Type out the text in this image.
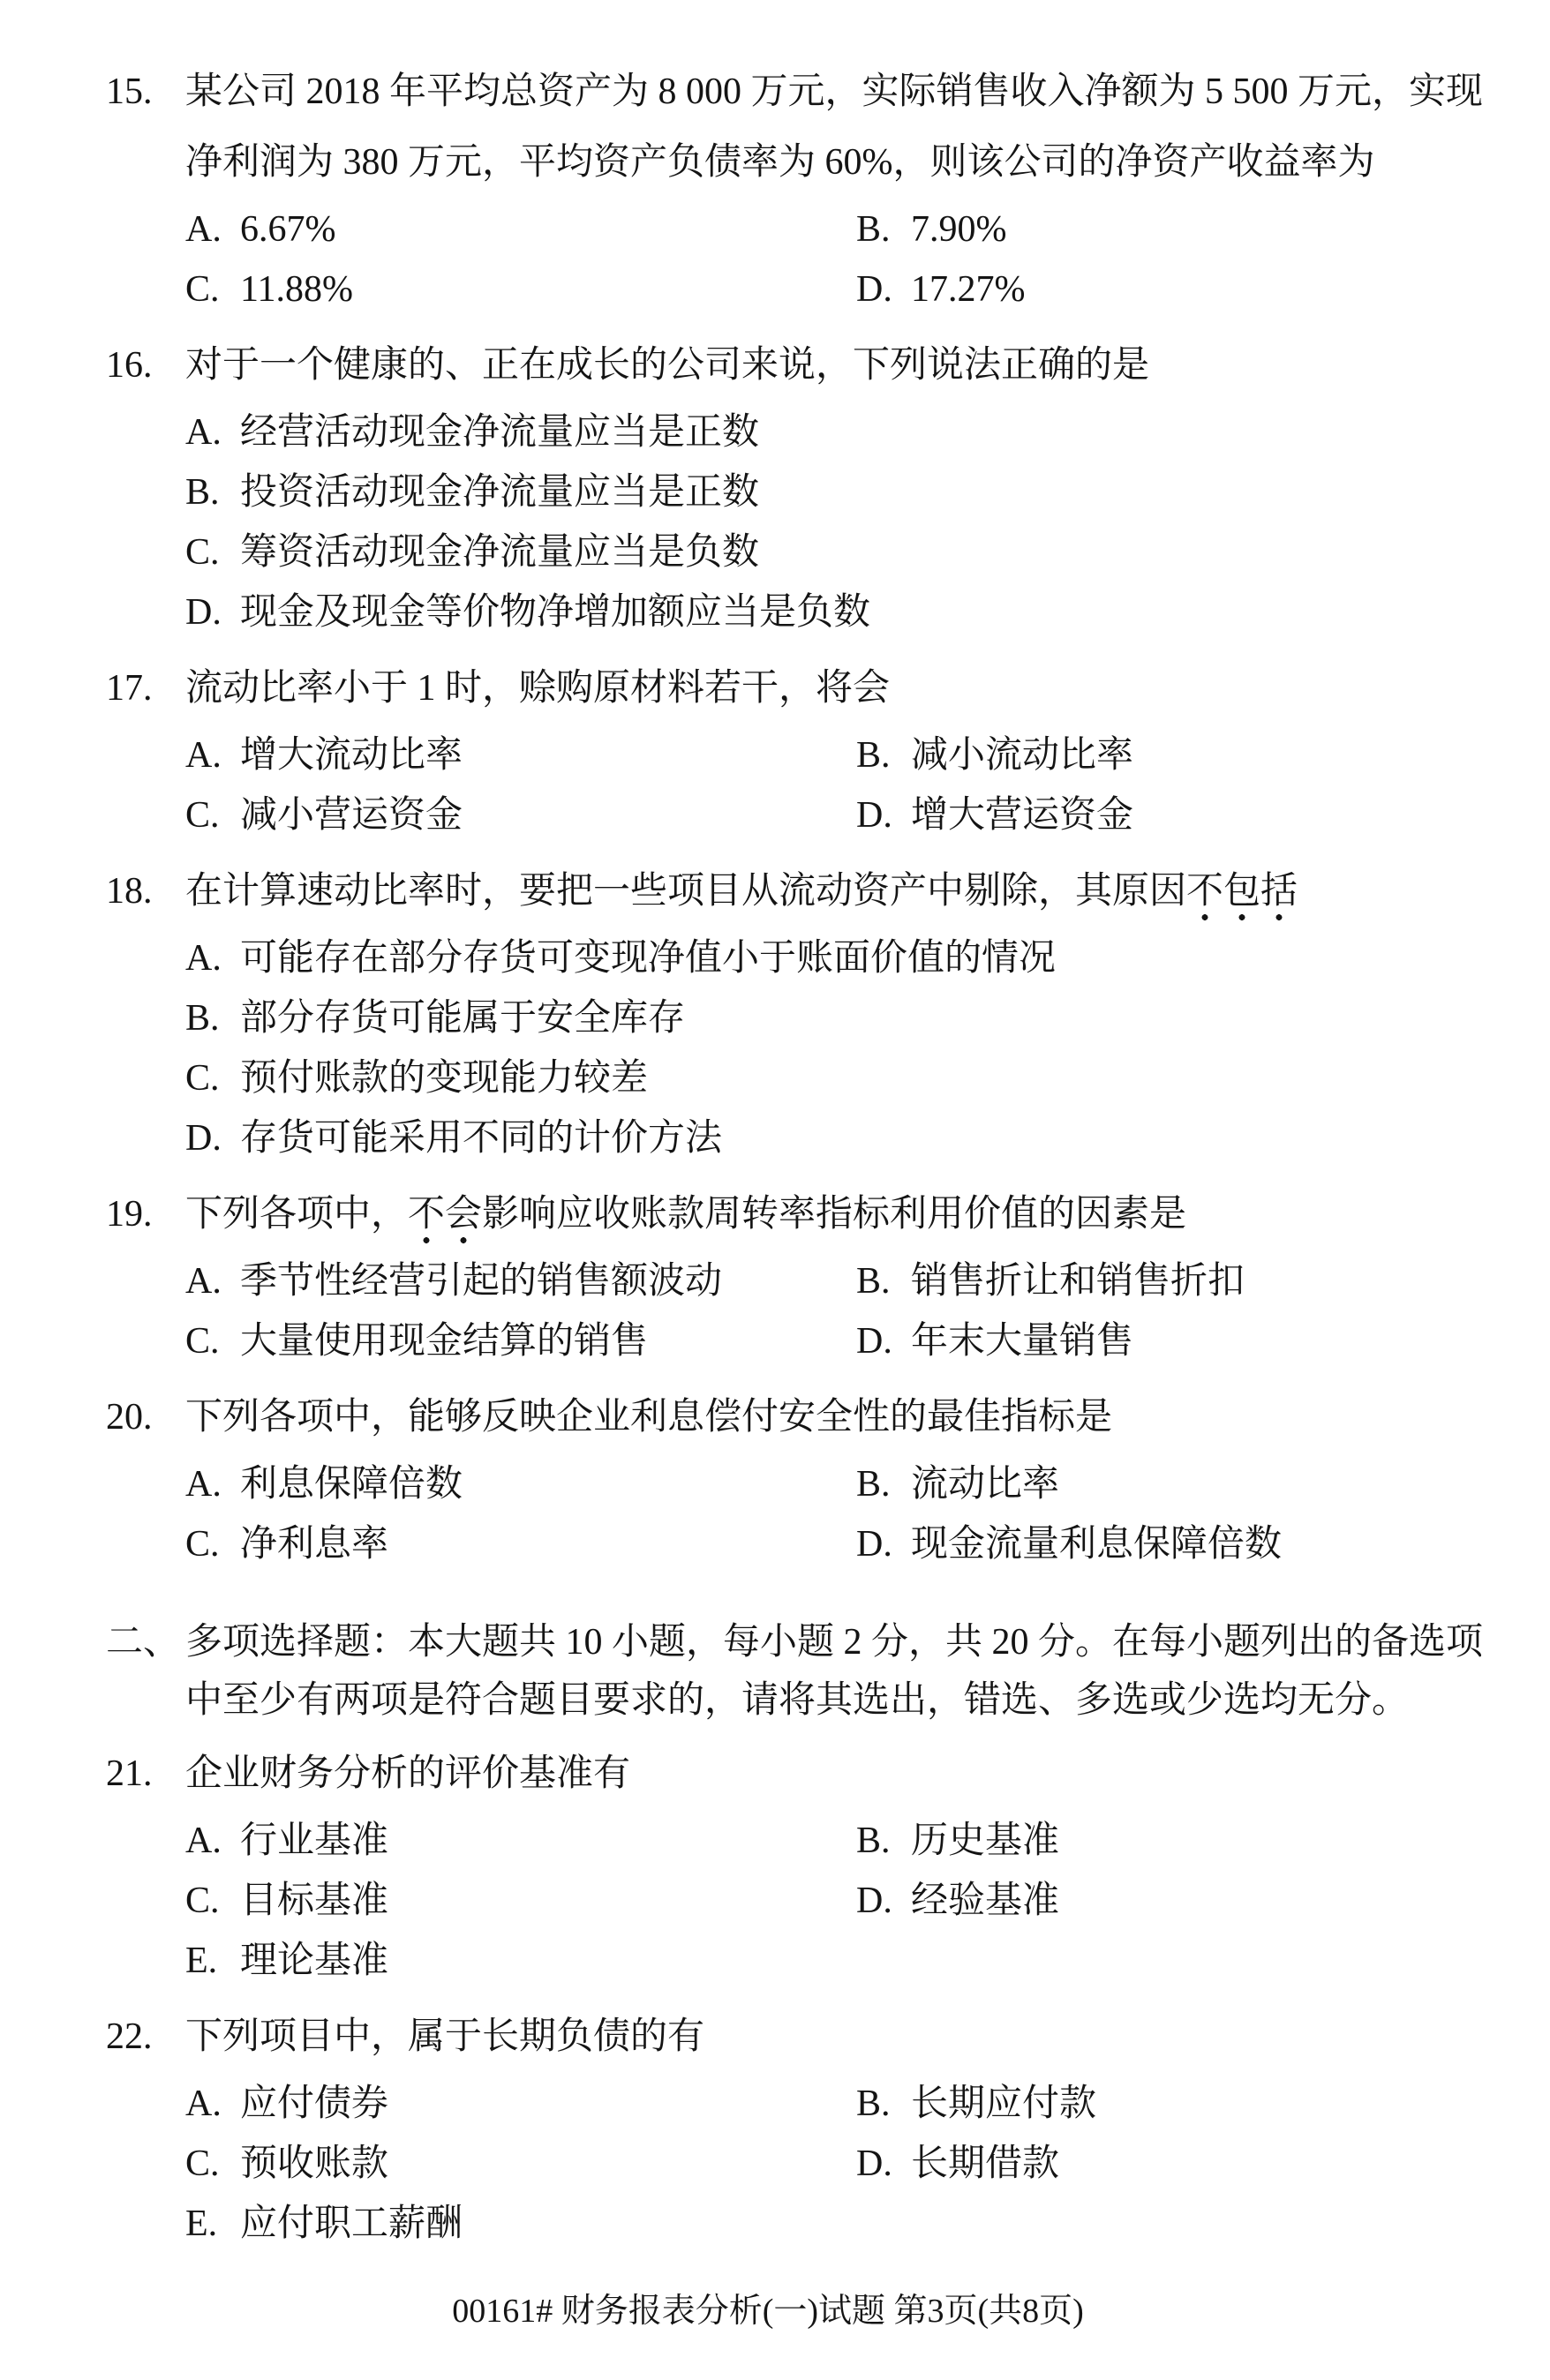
15. 某公司 2018 年平均总资产为 8 000 万元，实际销售收入净额为 5 500 万元，实现净利润为 380 万元，平均资产负债率为 60%，则该公司的净资产收益率为

A. 6.67%	B. 7.90%
C. 11.88%	D. 17.27%

16. 对于一个健康的、正在成长的公司来说，下列说法正确的是

A. 经营活动现金净流量应当是正数
B. 投资活动现金净流量应当是正数
C. 筹资活动现金净流量应当是负数
D. 现金及现金等价物净增加额应当是负数

17. 流动比率小于 1 时，赊购原材料若干，将会

A. 增大流动比率	B. 减小流动比率
C. 减小营运资金	D. 增大营运资金

18. 在计算速动比率时，要把一些项目从流动资产中剔除，其原因不包括

A. 可能存在部分存货可变现净值小于账面价值的情况
B. 部分存货可能属于安全库存
C. 预付账款的变现能力较差
D. 存货可能采用不同的计价方法

19. 下列各项中，不会影响应收账款周转率指标利用价值的因素是

A. 季节性经营引起的销售额波动	B. 销售折让和销售折扣
C. 大量使用现金结算的销售	D. 年末大量销售

20. 下列各项中，能够反映企业利息偿付安全性的最佳指标是

A. 利息保障倍数	B. 流动比率
C. 净利息率	D. 现金流量利息保障倍数

二、 多项选择题：本大题共 10 小题，每小题 2 分，共 20 分。在每小题列出的备选项中至少有两项是符合题目要求的，请将其选出，错选、多选或少选均无分。

21. 企业财务分析的评价基准有

A. 行业基准	B. 历史基准
C. 目标基准	D. 经验基准
E. 理论基准

22. 下列项目中，属于长期负债的有

A. 应付债券	B. 长期应付款
C. 预收账款	D. 长期借款
E. 应付职工薪酬
00161# 财务报表分析(一)试题 第3页(共8页)
